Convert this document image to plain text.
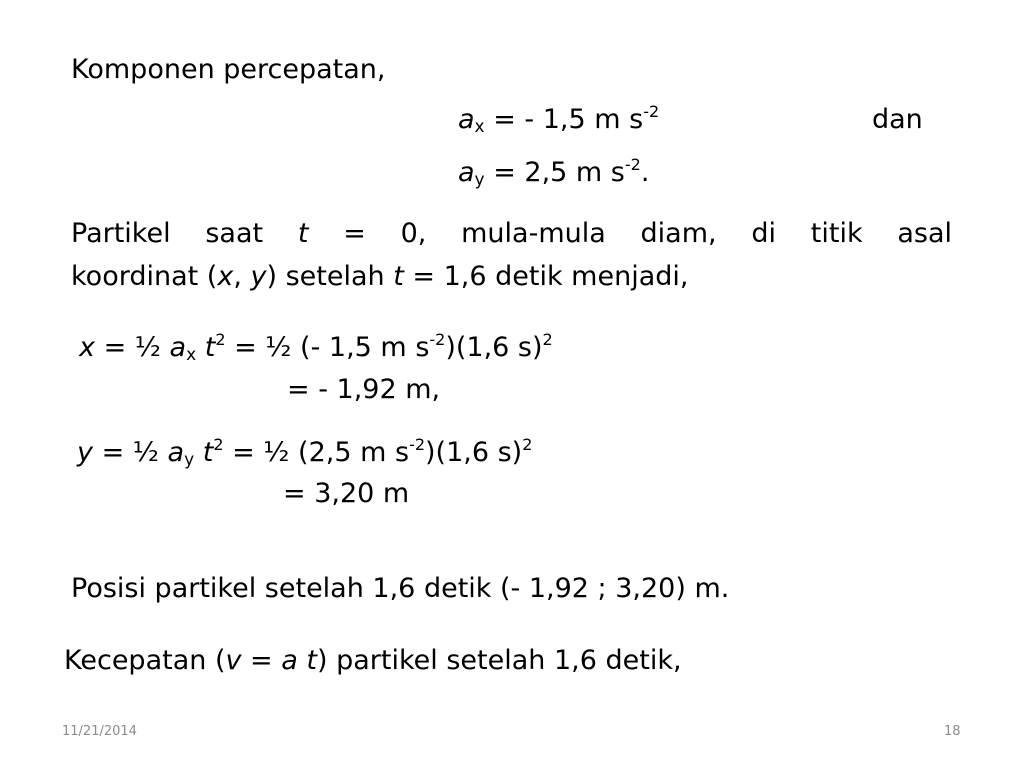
Komponen percepatan,
$a_x$ = - 1,5 m $s^{-2}$	dan
$a_y = 2,5$ m $s^{-2}$.
Partikel saat t = 0, mula-mula diam, di titik asal
koordinat (x, y) setelah t = 1,6 detik menjadi,
x = ½ $a_x$ $t^2$ = ½ (- 1,5 m $s^{-2})(1,6$ s)$^2$
= - 1,92 m,
y = ½ $a_y$ $t^2$ = ½ (2,5 m $s^{-2})(1,6$ s)$^2$
= 3,20 m
Posisi partikel setelah 1,6 detik (- 1,92 ; 3,20) m.
Kecepatan (v = a t) partikel setelah 1,6 detik,
11/21/2014	18
